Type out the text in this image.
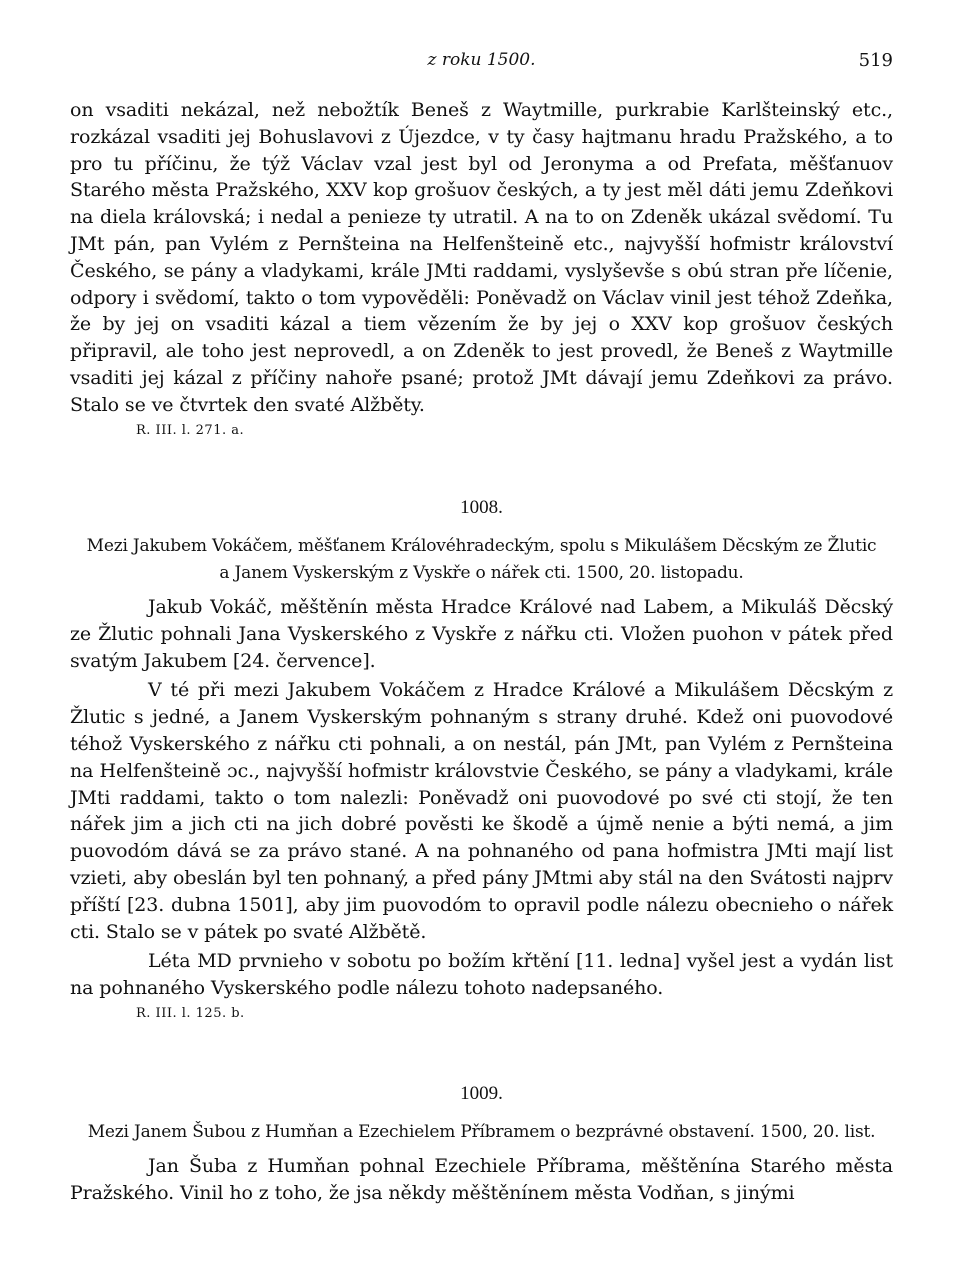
z roku 1500.	519

on vsaditi nekázal, než nebožtík Beneš z Waytmille, purkrabie Karlšteinský etc., rozkázal vsaditi jej Bohuslavovi z Újezdce, v ty časy hajtmanu hradu Pražského, a to pro tu příčinu, že týž Václav vzal jest byl od Jeronyma a od Prefata, měšťanuov Starého města Pražského, XXV kop grošuov českých, a ty jest měl dáti jemu Zdeňkovi na diela královská; i nedal a penieze ty utratil. A na to on Zdeněk ukázal svědomí. Tu JMt pán, pan Vylém z Pernšteina na Helfenšteině etc., najvyšší hofmistr království Českého, se pány a vladykami, krále JMti raddami, vyslyševše s obú stran pře líčenie, odpory i svědomí, takto o tom vypověděli: Poněvadž on Václav vinil jest téhož Zdeňka, že by jej on vsaditi kázal a tiem vězením že by jej o XXV kop grošuov českých připravil, ale toho jest neprovedl, a on Zdeněk to jest provedl, že Beneš z Waytmille vsaditi jej kázal z příčiny nahoře psané; protož JMt dávají jemu Zdeňkovi za právo. Stalo se ve čtvrtek den svaté Alžběty.

R. III. l. 271. a.

1008.

Mezi Jakubem Vokáčem, měšťanem Královéhradeckým, spolu s Mikulášem Děcským ze Žlutic

a Janem Vyskerským z Vyskře o nářek cti. 1500, 20. listopadu.

Jakub Vokáč, měštěnín města Hradce Králové nad Labem, a Mikuláš Děcský ze Žlutic pohnali Jana Vyskerského z Vyskře z nářku cti. Vložen puohon v pátek před svatým Jakubem [24. července].

V té při mezi Jakubem Vokáčem z Hradce Králové a Mikulášem Děcským z Žlutic s jedné, a Janem Vyskerským pohnaným s strany druhé. Kdež oni puovodové téhož Vyskerského z nářku cti pohnali, a on nestál, pán JMt, pan Vylém z Pernšteina na Helfenšteině ɔc., najvyšší hofmistr královstvie Českého, se pány a vladykami, krále JMti raddami, takto o tom nalezli: Poněvadž oni puovodové po své cti stojí, že ten nářek jim a jich cti na jich dobré pověsti ke škodě a újmě nenie a býti nemá, a jim puovodóm dává se za právo stané. A na pohnaného od pana hofmistra JMti mají list vzieti, aby obeslán byl ten pohnaný, a před pány JMtmi aby stál na den Svátosti najprv příští [23. dubna 1501], aby jim puovodóm to opravil podle nálezu obecnieho o nářek cti. Stalo se v pátek po svaté Alžbětě.

Léta MD prvnieho v sobotu po božím křtění [11. ledna] vyšel jest a vydán list na pohnaného Vyskerského podle nálezu tohoto nadepsaného.

R. III. l. 125. b.

1009.

Mezi Janem Šubou z Humňan a Ezechielem Příbramem o bezprávné obstavení. 1500, 20. list.

Jan Šuba z Humňan pohnal Ezechiele Příbrama, měštěnína Starého města Pražského. Vinil ho z toho, že jsa někdy měštěnínem města Vodňan, s jinými
